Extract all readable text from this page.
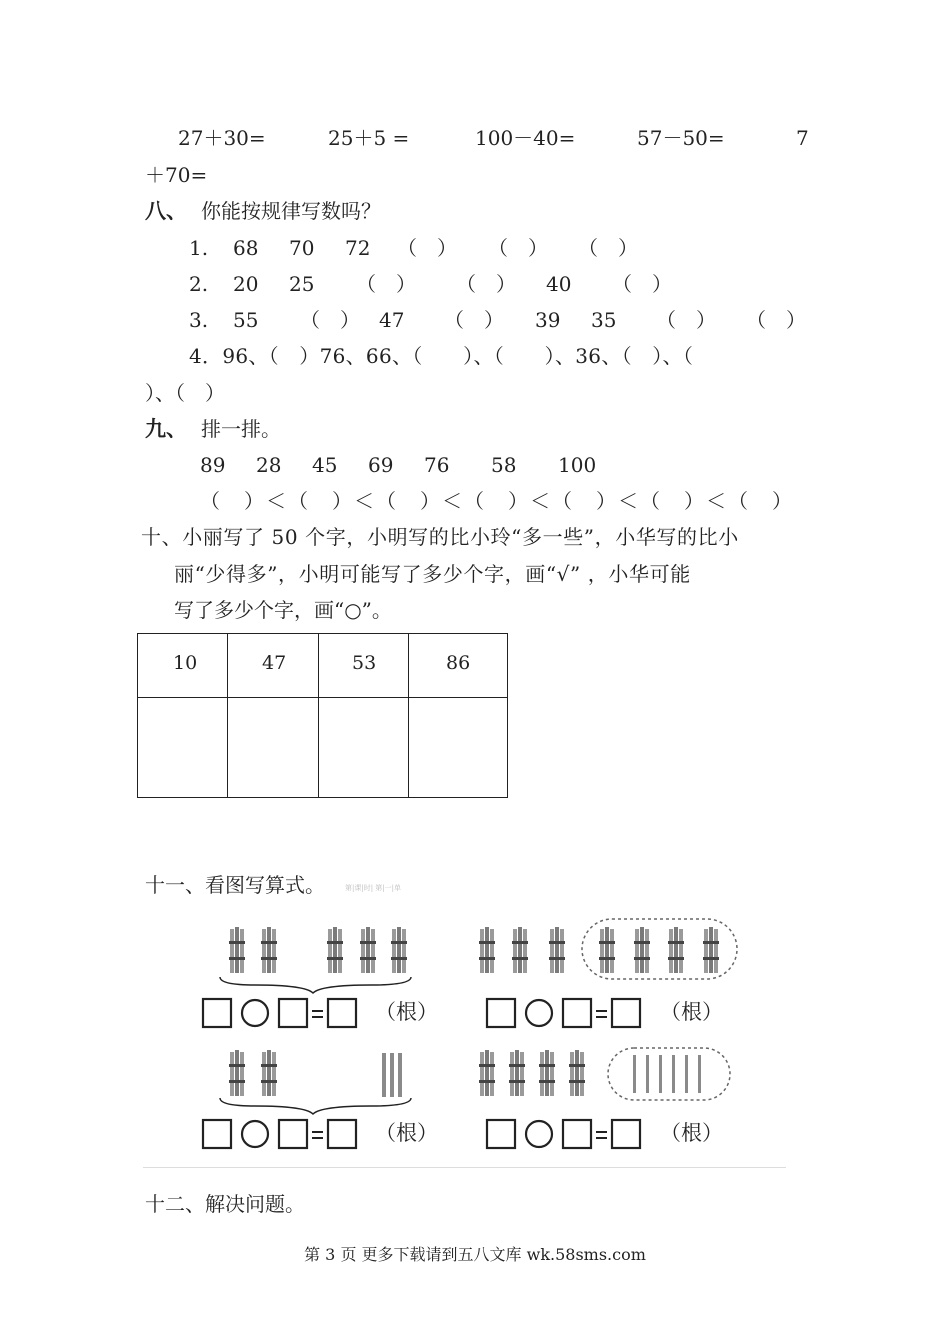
27＋30=	25＋5 =	100－40=	57－50=	7
＋70=
八、 你能按规律写数吗？
1. 68 70 72 （　） （　） （　）
2. 20 25 （　） （　） 40 （　）
3. 55 （　） 47 （　） 39 35 （　） （　）
4．96、（　）76、66、（　　）、（　　）、36、（　）、（
）、（　）
九、 排一排。
89 28 45 69 76 58 100
（　）＜（　）＜（　）＜（　）＜（　）＜（　）＜（　）
十、小丽写了 50 个字，小明写的比小玲“多一些”，小华写的比小
丽“少得多”，小明可能写了多少个字，画“√” ，小华可能
写了多少个字，画“○”。
10	47	53	86

十一、看图写算式。	第|课|时| 第|一|单
（根）	（根）
（根）	（根）
十二、解决问题。
第 3 页 更多下载请到五八文库 wk.58sms.com
